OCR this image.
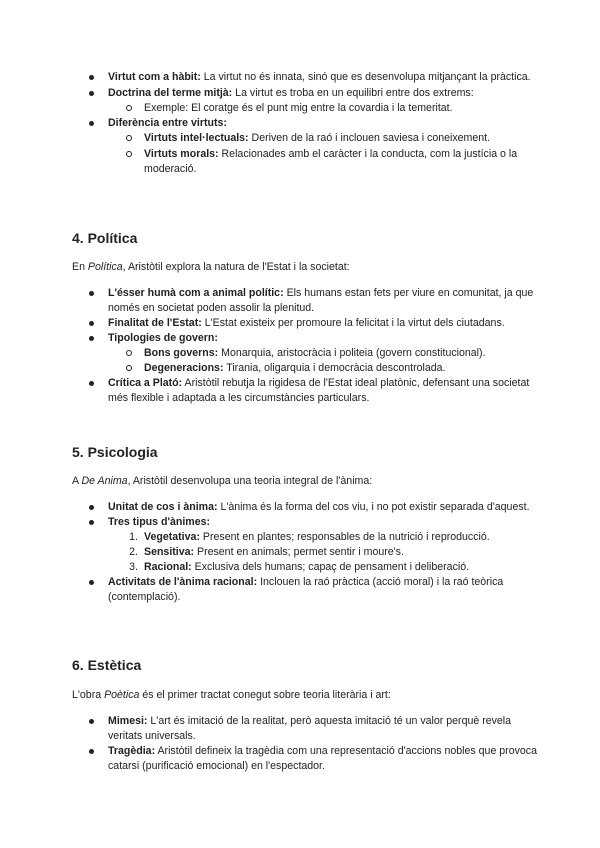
Virtut com a hàbit: La virtut no és innata, sinó que es desenvolupa mitjançant la pràctica.
Doctrina del terme mitjà: La virtut es troba en un equilibri entre dos extrems:
Exemple: El coratge és el punt mig entre la covardia i la temeritat.
Diferència entre virtuts:
Virtuts intel·lectuals: Deriven de la raó i inclouen saviesa i coneixement.
Virtuts morals: Relacionades amb el caràcter i la conducta, com la justícia o la moderació.
4. Política
En Política, Aristòtil explora la natura de l'Estat i la societat:
L'ésser humà com a animal polític: Els humans estan fets per viure en comunitat, ja que només en societat poden assolir la plenitud.
Finalitat de l'Estat: L'Estat existeix per promoure la felicitat i la virtut dels ciutadans.
Tipologies de govern:
Bons governs: Monarquia, aristocràcia i politeia (govern constitucional).
Degeneracions: Tirania, oligarquia i democràcia descontrolada.
Crítica a Plató: Aristòtil rebutja la rigidesa de l'Estat ideal platònic, defensant una societat més flexible i adaptada a les circumstàncies particulars.
5. Psicologia
A De Anima, Aristòtil desenvolupa una teoria integral de l'ànima:
Unitat de cos i ànima: L'ànima és la forma del cos viu, i no pot existir separada d'aquest.
Tres tipus d'ànimes:
1. Vegetativa: Present en plantes; responsables de la nutrició i reproducció.
2. Sensitiva: Present en animals; permet sentir i moure's.
3. Racional: Exclusiva dels humans; capaç de pensament i deliberació.
Activitats de l'ànima racional: Inclouen la raó pràctica (acció moral) i la raó teòrica (contemplació).
6. Estètica
L'obra Poètica és el primer tractat conegut sobre teoria literària i art:
Mimesi: L'art és imitació de la realitat, però aquesta imitació té un valor perquè revela veritats universals.
Tragèdia: Aristòtil defineix la tragèdia com una representació d'accions nobles que provoca catarsi (purificació emocional) en l'espectador.
